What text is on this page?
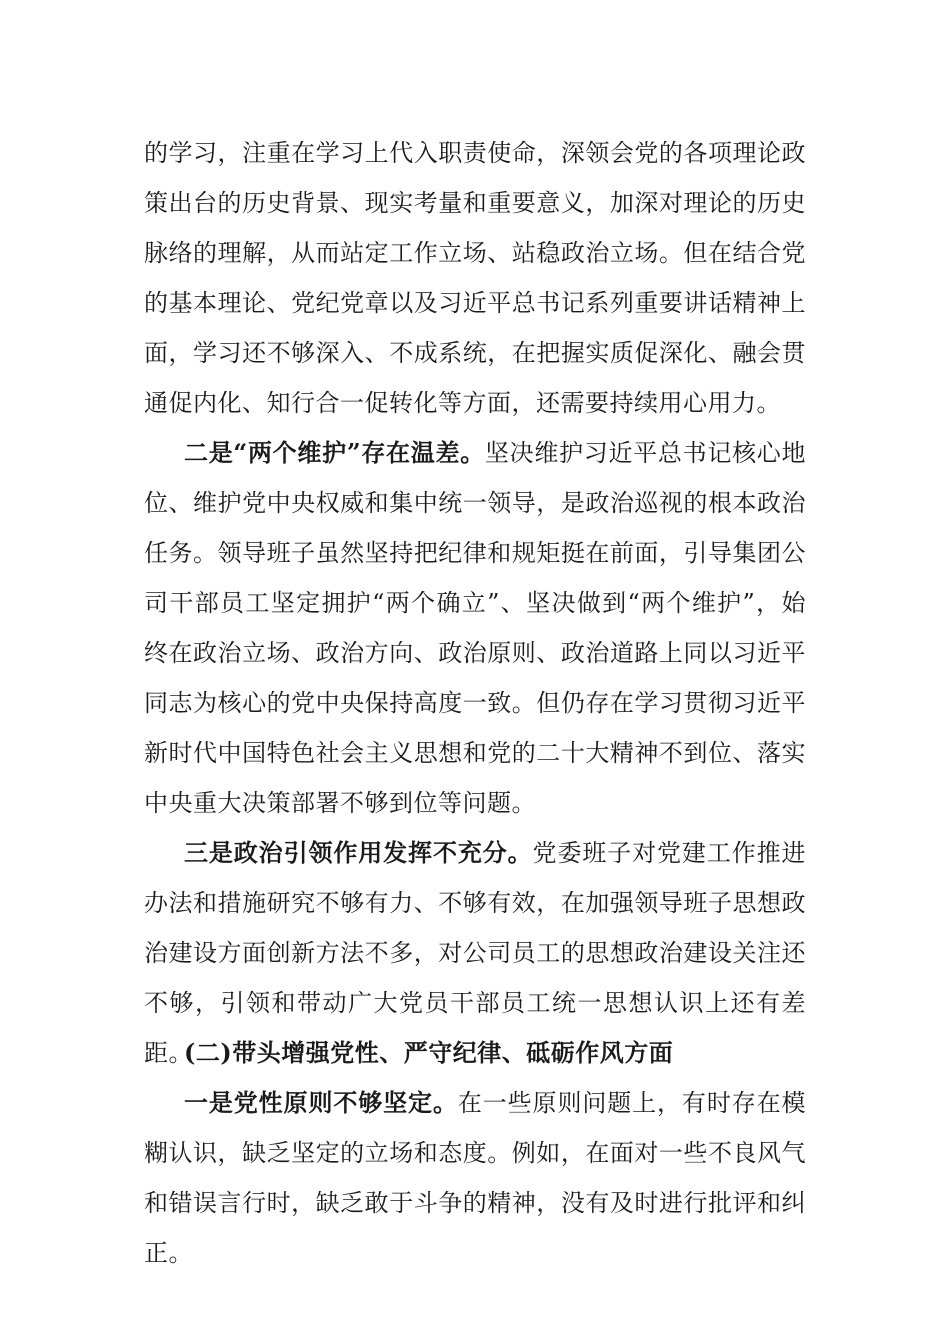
的学习，注重在学习上代入职责使命，深领会党的各项理论政策出台的历史背景、现实考量和重要意义，加深对理论的历史脉络的理解，从而站定工作立场、站稳政治立场。但在结合党的基本理论、党纪党章以及习近平总书记系列重要讲话精神上面，学习还不够深入、不成系统，在把握实质促深化、融会贯通促内化、知行合一促转化等方面，还需要持续用心用力。

二是“两个维护”存在温差。坚决维护习近平总书记核心地位、维护党中央权威和集中统一领导，是政治巡视的根本政治任务。领导班子虽然坚持把纪律和规矩挺在前面，引导集团公司干部员工坚定拥护“两个确立”、坚决做到“两个维护”，始终在政治立场、政治方向、政治原则、政治道路上同以习近平同志为核心的党中央保持高度一致。但仍存在学习贯彻习近平新时代中国特色社会主义思想和党的二十大精神不到位、落实中央重大决策部署不够到位等问题。

三是政治引领作用发挥不充分。党委班子对党建工作推进办法和措施研究不够有力、不够有效，在加强领导班子思想政治建设方面创新方法不多，对公司员工的思想政治建设关注还不够，引领和带动广大党员干部员工统一思想认识上还有差距。

(二)带头增强党性、严守纪律、砥砺作风方面

一是党性原则不够坚定。在一些原则问题上，有时存在模糊认识，缺乏坚定的立场和态度。例如，在面对一些不良风气和错误言行时，缺乏敢于斗争的精神，没有及时进行批评和纠正。
